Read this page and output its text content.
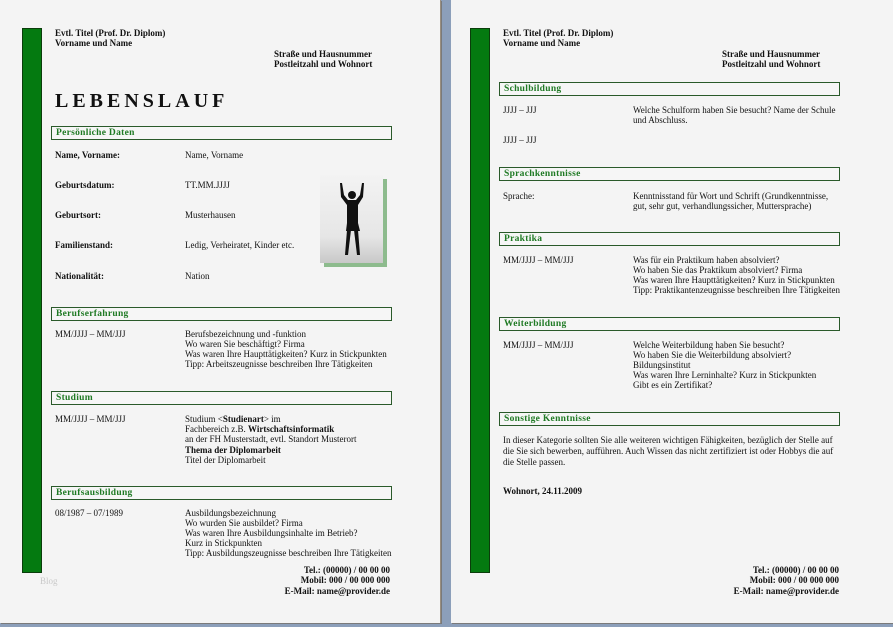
Evtl. Titel (Prof. Dr. Diplom)
Vorname und Name
Straße und Hausnummer
Postleitzahl und Wohnort
LEBENSLAUF
Persönliche Daten
Name, Vorname:	Name, Vorname
Geburtsdatum:	TT.MM.JJJJ
Geburtsort:	Musterhausen
Familienstand:	Ledig, Verheiratet, Kinder etc.
Nationalität:	Nation
Berufserfahrung
MM/JJJJ – MM/JJJ	Berufsbezeichnung und -funktion
Wo waren Sie beschäftigt? Firma
Was waren Ihre Haupttätigkeiten? Kurz in Stickpunkten
Tipp: Arbeitszeugnisse beschreiben Ihre Tätigkeiten
Studium
MM/JJJJ – MM/JJJ	Studium <Studienart> im
Fachbereich z.B. Wirtschaftsinformatik
an der FH Musterstadt, evtl. Standort Musterort
Thema der Diplomarbeit
Titel der Diplomarbeit
Berufsausbildung
08/1987 – 07/1989	Ausbildungsbezeichnung
Wo wurden Sie ausbildet? Firma
Was waren Ihre Ausbildungsinhalte im Betrieb?
Kurz in Stickpunkten
Tipp: Ausbildungszeugnisse beschreiben Ihre Tätigkeiten
Tel.: (00000) / 00 00 00
Mobil: 000 / 00 000 000
E-Mail: name@provider.de
Blog
Evtl. Titel (Prof. Dr. Diplom)
Vorname und Name
Straße und Hausnummer
Postleitzahl und Wohnort
Schulbildung
JJJJ – JJJ	Welche Schulform haben Sie besucht? Name der Schule
und Abschluss.
JJJJ – JJJ
Sprachkenntnisse
Sprache:	Kenntnisstand für Wort und Schrift (Grundkenntnisse,
gut, sehr gut, verhandlungssicher, Muttersprache)
Praktika
MM/JJJJ – MM/JJJ	Was für ein Praktikum haben absolviert?
Wo haben Sie das Praktikum absolviert? Firma
Was waren Ihre Haupttätigkeiten? Kurz in Stickpunkten
Tipp: Praktikantenzeugnisse beschreiben Ihre Tätigkeiten
Weiterbildung
MM/JJJJ – MM/JJJ	Welche Weiterbildung haben Sie besucht?
Wo haben Sie die Weiterbildung absolviert?
Bildungsinstitut
Was waren Ihre Lerninhalte? Kurz in Stickpunkten
Gibt es ein Zertifikat?
Sonstige Kenntnisse
In dieser Kategorie sollten Sie alle weiteren wichtigen Fähigkeiten, bezüglich der Stelle auf
die Sie sich bewerben, aufführen. Auch Wissen das nicht zertifiziert ist oder Hobbys die auf
die Stelle passen.
Wohnort, 24.11.2009
Tel.: (00000) / 00 00 00
Mobil: 000 / 00 000 000
E-Mail: name@provider.de
